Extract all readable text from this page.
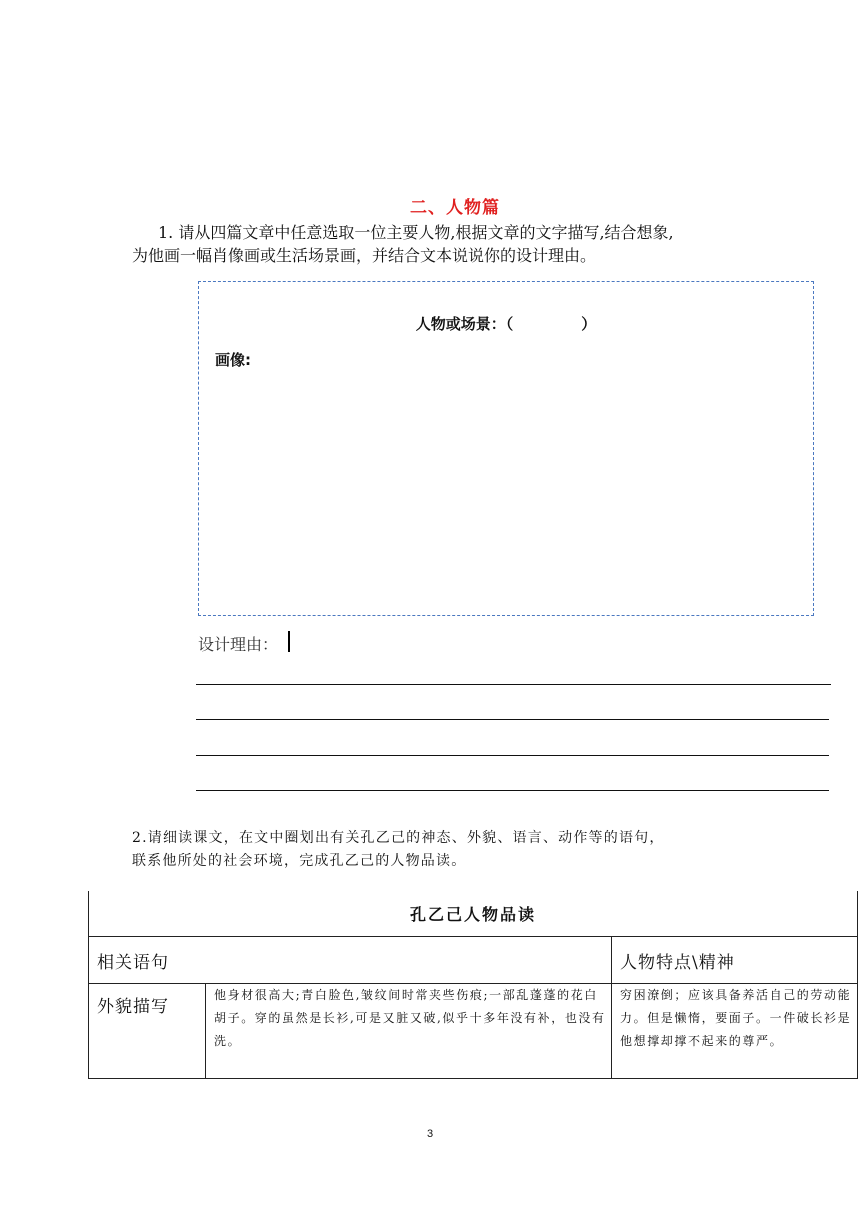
二、人物篇
1. 请从四篇文章中任意选取一位主要人物,根据文章的文字描写,结合想象,
为他画一幅肖像画或生活场景画，并结合文本说说你的设计理由。
人物或场景：（	）
画像:
设计理由：
2.请细读课文，在文中圈划出有关孔乙己的神态、外貌、语言、动作等的语句，
联系他所处的社会环境，完成孔乙己的人物品读。
孔乙己人物品读		
相关语句		人物特点\精神
外貌描写	他身材很高大;青白脸色,皱纹间时常夹些伤痕;一部乱蓬蓬的花白胡子。穿的虽然是长衫,可是又脏又破,似乎十多年没有补，也没有洗。	穷困潦倒；应该具备养活自己的劳动能力。但是懒惰，要面子。一件破长衫是他想撑却撑不起来的尊严。
3
